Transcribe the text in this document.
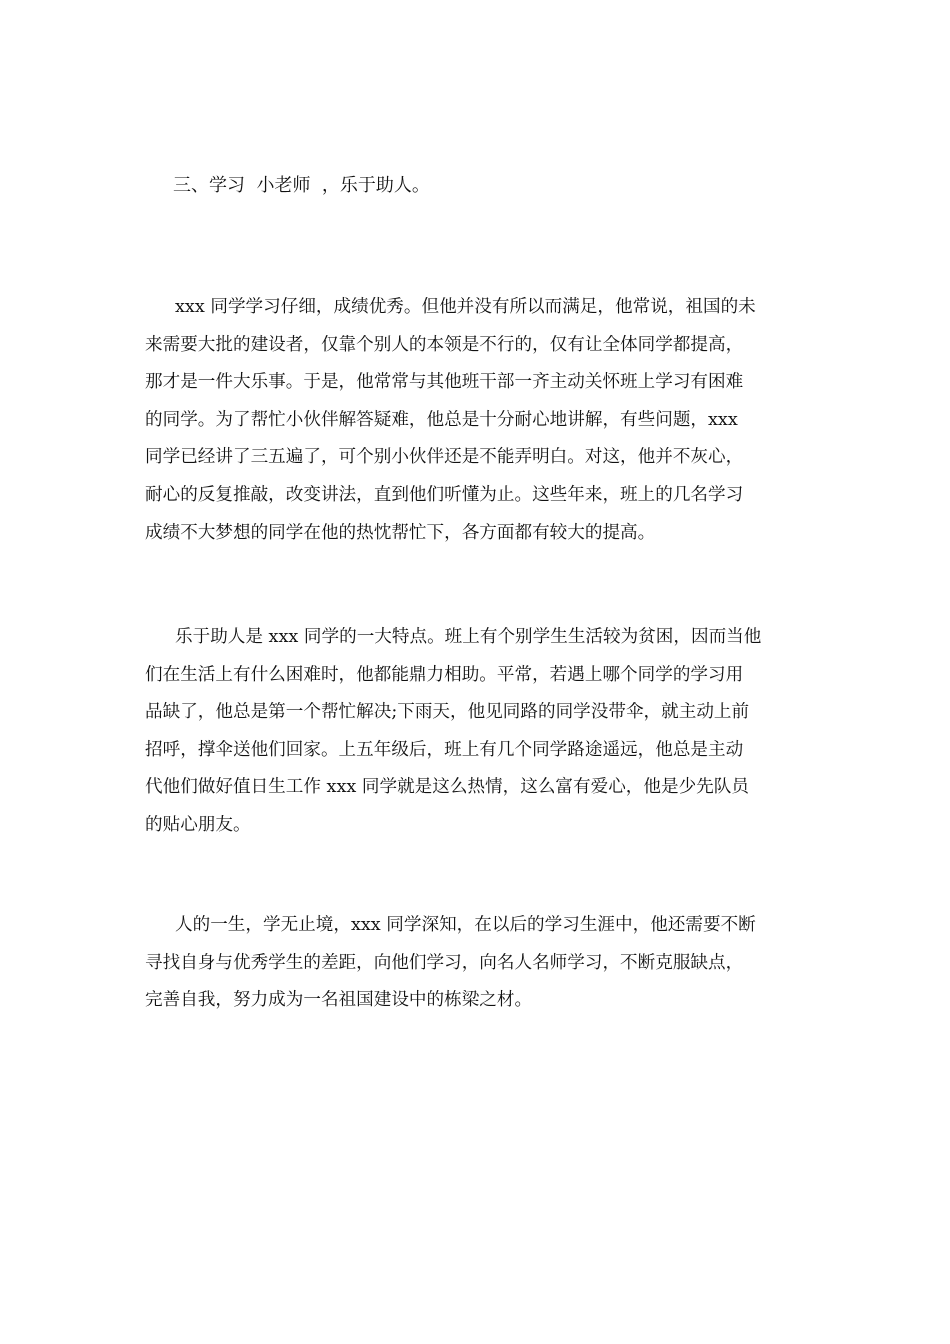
三、学习  小老师  ，乐于助人。

xxx 同学学习仔细，成绩优秀。但他并没有所以而满足，他常说，祖国的未
来需要大批的建设者，仅靠个别人的本领是不行的，仅有让全体同学都提高，
那才是一件大乐事。于是，他常常与其他班干部一齐主动关怀班上学习有困难
的同学。为了帮忙小伙伴解答疑难，他总是十分耐心地讲解，有些问题，xxx
同学已经讲了三五遍了，可个别小伙伴还是不能弄明白。对这，他并不灰心，
耐心的反复推敲，改变讲法，直到他们听懂为止。这些年来，班上的几名学习
成绩不大梦想的同学在他的热忱帮忙下，各方面都有较大的提高。
乐于助人是 xxx 同学的一大特点。班上有个别学生生活较为贫困，因而当他
们在生活上有什么困难时，他都能鼎力相助。平常，若遇上哪个同学的学习用
品缺了，他总是第一个帮忙解决;下雨天，他见同路的同学没带伞，就主动上前
招呼，撑伞送他们回家。上五年级后，班上有几个同学路途遥远，他总是主动
代他们做好值日生工作 xxx 同学就是这么热情，这么富有爱心，他是少先队员
的贴心朋友。
人的一生，学无止境，xxx 同学深知，在以后的学习生涯中，他还需要不断
寻找自身与优秀学生的差距，向他们学习，向名人名师学习，不断克服缺点，
完善自我，努力成为一名祖国建设中的栋梁之材。
